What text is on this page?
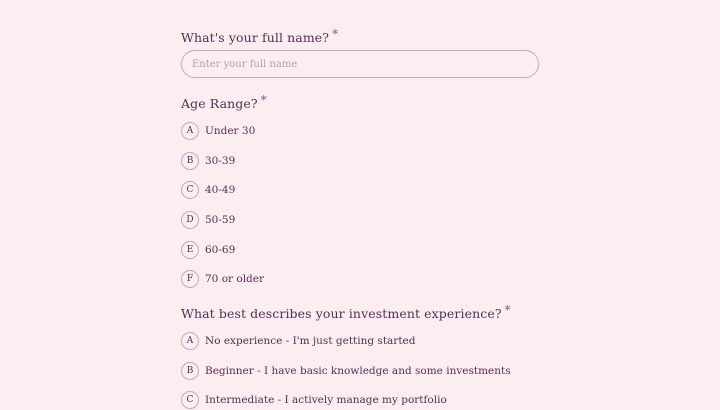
What's your full name? *
Enter your full name
Age Range? *
A	Under 30
B	30-39
C	40-49
D	50-59
E	60-69
F	70 or older
What best describes your investment experience? *
A	No experience - I'm just getting started
B	Beginner - I have basic knowledge and some investments
C	Intermediate - I actively manage my portfolio
